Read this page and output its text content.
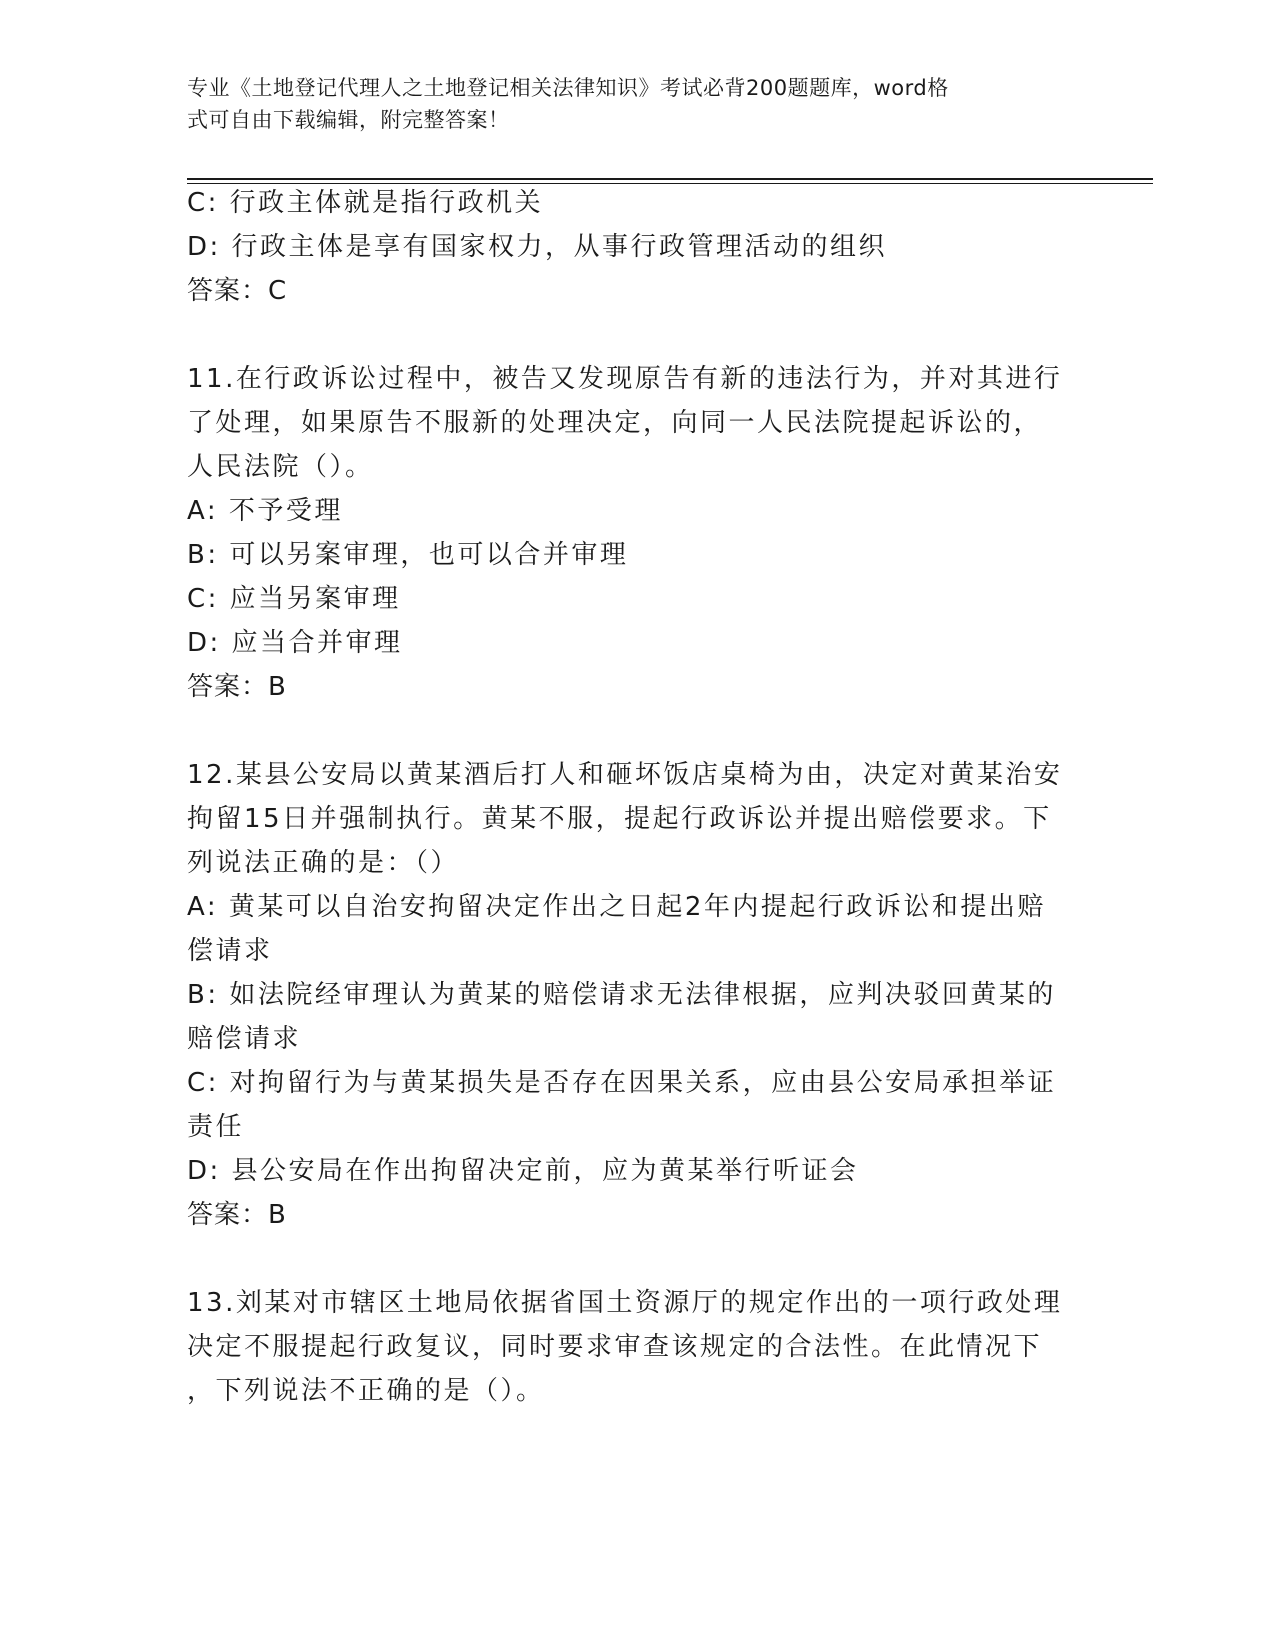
专业《土地登记代理人之土地登记相关法律知识》考试必背200题题库，word格
式可自由下载编辑，附完整答案！
C: 行政主体就是指行政机关
D: 行政主体是享有国家权力，从事行政管理活动的组织
答案：C
11.在行政诉讼过程中，被告又发现原告有新的违法行为，并对其进行
了处理，如果原告不服新的处理决定，向同一人民法院提起诉讼的，
人民法院（）。
A: 不予受理
B: 可以另案审理，也可以合并审理
C: 应当另案审理
D: 应当合并审理
答案：B
12.某县公安局以黄某酒后打人和砸坏饭店桌椅为由，决定对黄某治安
拘留15日并强制执行。黄某不服，提起行政诉讼并提出赔偿要求。下
列说法正确的是：（）
A: 黄某可以自治安拘留决定作出之日起2年内提起行政诉讼和提出赔
偿请求
B: 如法院经审理认为黄某的赔偿请求无法律根据，应判决驳回黄某的
赔偿请求
C: 对拘留行为与黄某损失是否存在因果关系，应由县公安局承担举证
责任
D: 县公安局在作出拘留决定前，应为黄某举行听证会
答案：B
13.刘某对市辖区土地局依据省国土资源厅的规定作出的一项行政处理
决定不服提起行政复议，同时要求审查该规定的合法性。在此情况下
，下列说法不正确的是（）。
